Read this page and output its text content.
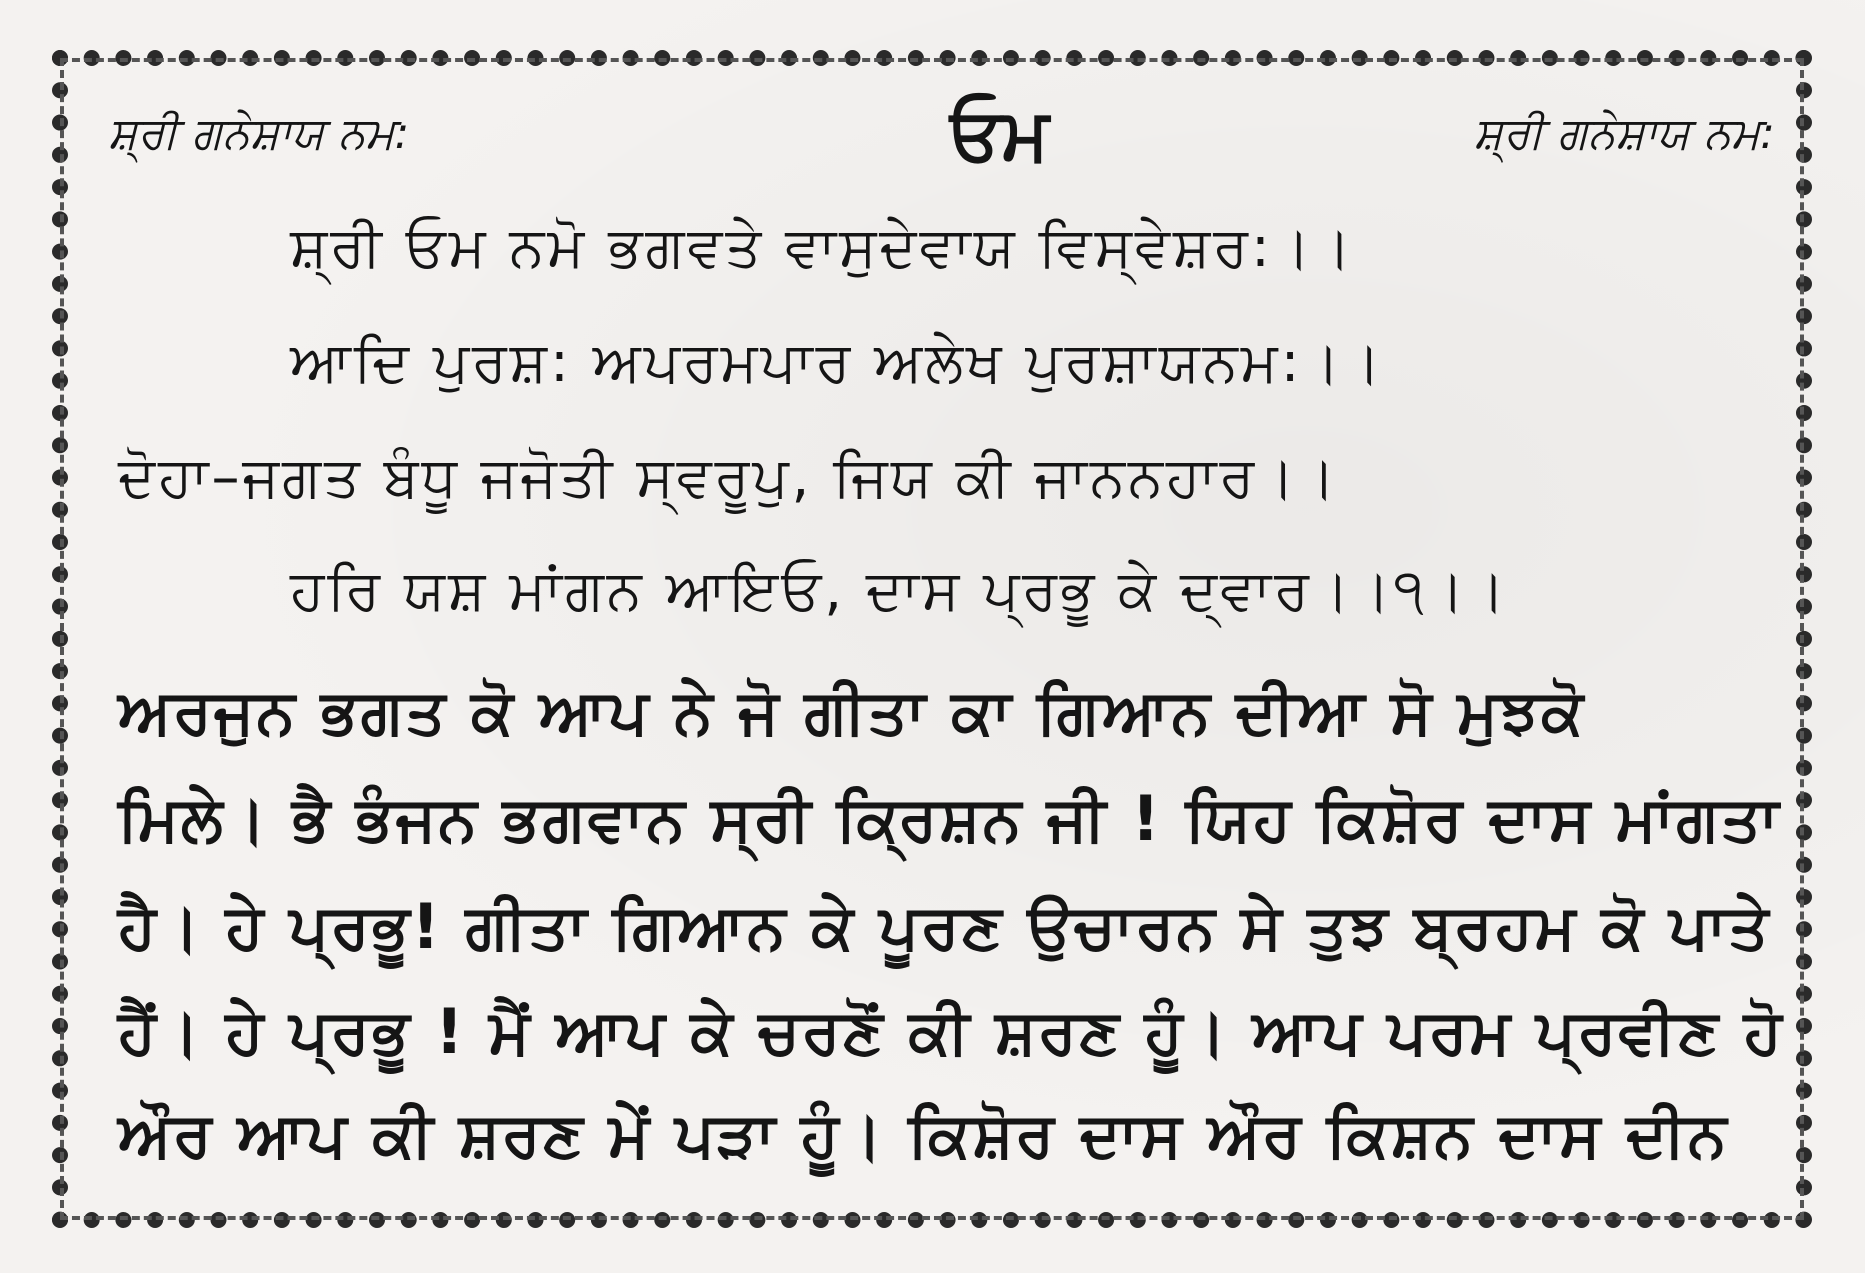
ਸ਼੍ਰੀ ਗਨੇਸ਼ਾਯ ਨਮ:	ਸ਼੍ਰੀ ਗਨੇਸ਼ਾਯ ਨਮ:
ਓਮ
ਸ਼੍ਰੀ ਓਮ ਨਮੋ ਭਗਵਤੇ ਵਾਸੁਦੇਵਾਯ ਵਿਸ੍ਵੇਸ਼ਰ:।।
ਆਦਿ ਪੁਰਸ਼: ਅਪਰਮਪਾਰ ਅਲੇਖ ਪੁਰਸ਼ਾਯਨਮ:।।
ਦੋਹਾ–ਜਗਤ ਬੰਧੂ ਜਜੋਤੀ ਸ੍ਵਰੂਪੁ, ਜਿਯ ਕੀ ਜਾਨਨਹਾਰ।।
ਹਰਿ ਯਸ਼ ਮਾਂਗਨ ਆਇਓ, ਦਾਸ ਪ੍ਰਭੂ ਕੇ ਦ੍ਵਾਰ।।੧।।
ਅਰਜੁਨ ਭਗਤ ਕੋ ਆਪ ਨੇ ਜੋ ਗੀਤਾ ਕਾ ਗਿਆਨ ਦੀਆ ਸੋ ਮੁਝਕੋ
ਮਿਲੇ। ਭੈ ਭੰਜਨ ਭਗਵਾਨ ਸ੍ਰੀ ਕ੍ਰਿਸ਼ਨ ਜੀ ! ਯਿਹ ਕਿਸ਼ੋਰ ਦਾਸ ਮਾਂਗਤਾ
ਹੈ। ਹੇ ਪ੍ਰਭੂ! ਗੀਤਾ ਗਿਆਨ ਕੇ ਪੂਰਣ ਉਚਾਰਨ ਸੇ ਤੁਝ ਬ੍ਰਹਮ ਕੋ ਪਾਤੇ
ਹੈਂ। ਹੇ ਪ੍ਰਭੂ ! ਮੈਂ ਆਪ ਕੇ ਚਰਣੋਂ ਕੀ ਸ਼ਰਣ ਹੂੰ। ਆਪ ਪਰਮ ਪ੍ਰਵੀਣ ਹੋ
ਔਰ ਆਪ ਕੀ ਸ਼ਰਣ ਮੇਂ ਪੜਾ ਹੂੰ। ਕਿਸ਼ੋਰ ਦਾਸ ਔਰ ਕਿਸ਼ਨ ਦਾਸ ਦੀਨ
